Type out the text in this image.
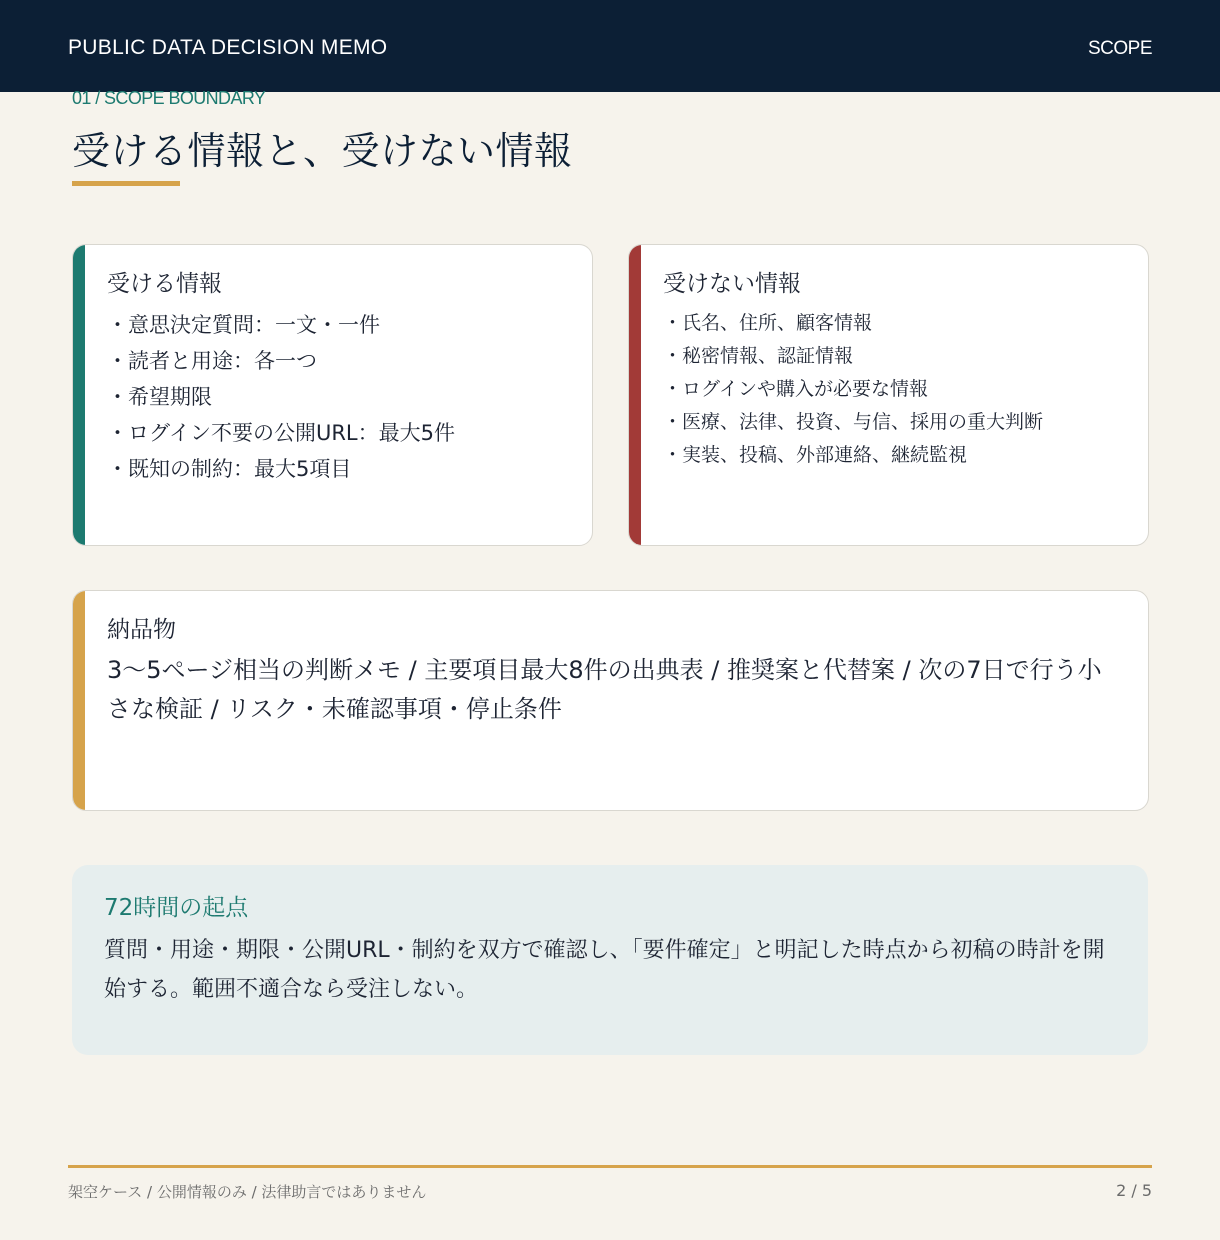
PUBLIC DATA DECISION MEMO	SCOPE
01 / SCOPE BOUNDARY
受ける情報と、受けない情報
受ける情報
・意思決定質問：一文・一件
・読者と用途：各一つ
・希望期限
・ログイン不要の公開URL：最大5件
・既知の制約：最大5項目
受けない情報
・氏名、住所、顧客情報
・秘密情報、認証情報
・ログインや購入が必要な情報
・医療、法律、投資、与信、採用の重大判断
・実装、投稿、外部連絡、継続監視
納品物
3〜5ページ相当の判断メモ / 主要項目最大8件の出典表 / 推奨案と代替案 / 次の7日で行う小さな検証 / リスク・未確認事項・停止条件
72時間の起点
質問・用途・期限・公開URL・制約を双方で確認し、「要件確定」と明記した時点から初稿の時計を開始する。範囲不適合なら受注しない。
架空ケース / 公開情報のみ / 法律助言ではありません	2 / 5
